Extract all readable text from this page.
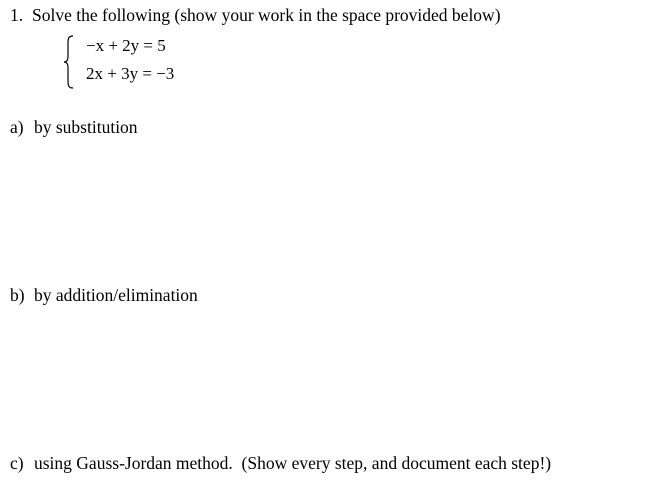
1. Solve the following (show your work in the space provided below)
−x + 2y = 5
2x + 3y = −3
a) by substitution
b) by addition/elimination
c) using Gauss-Jordan method.  (Show every step, and document each step!)
